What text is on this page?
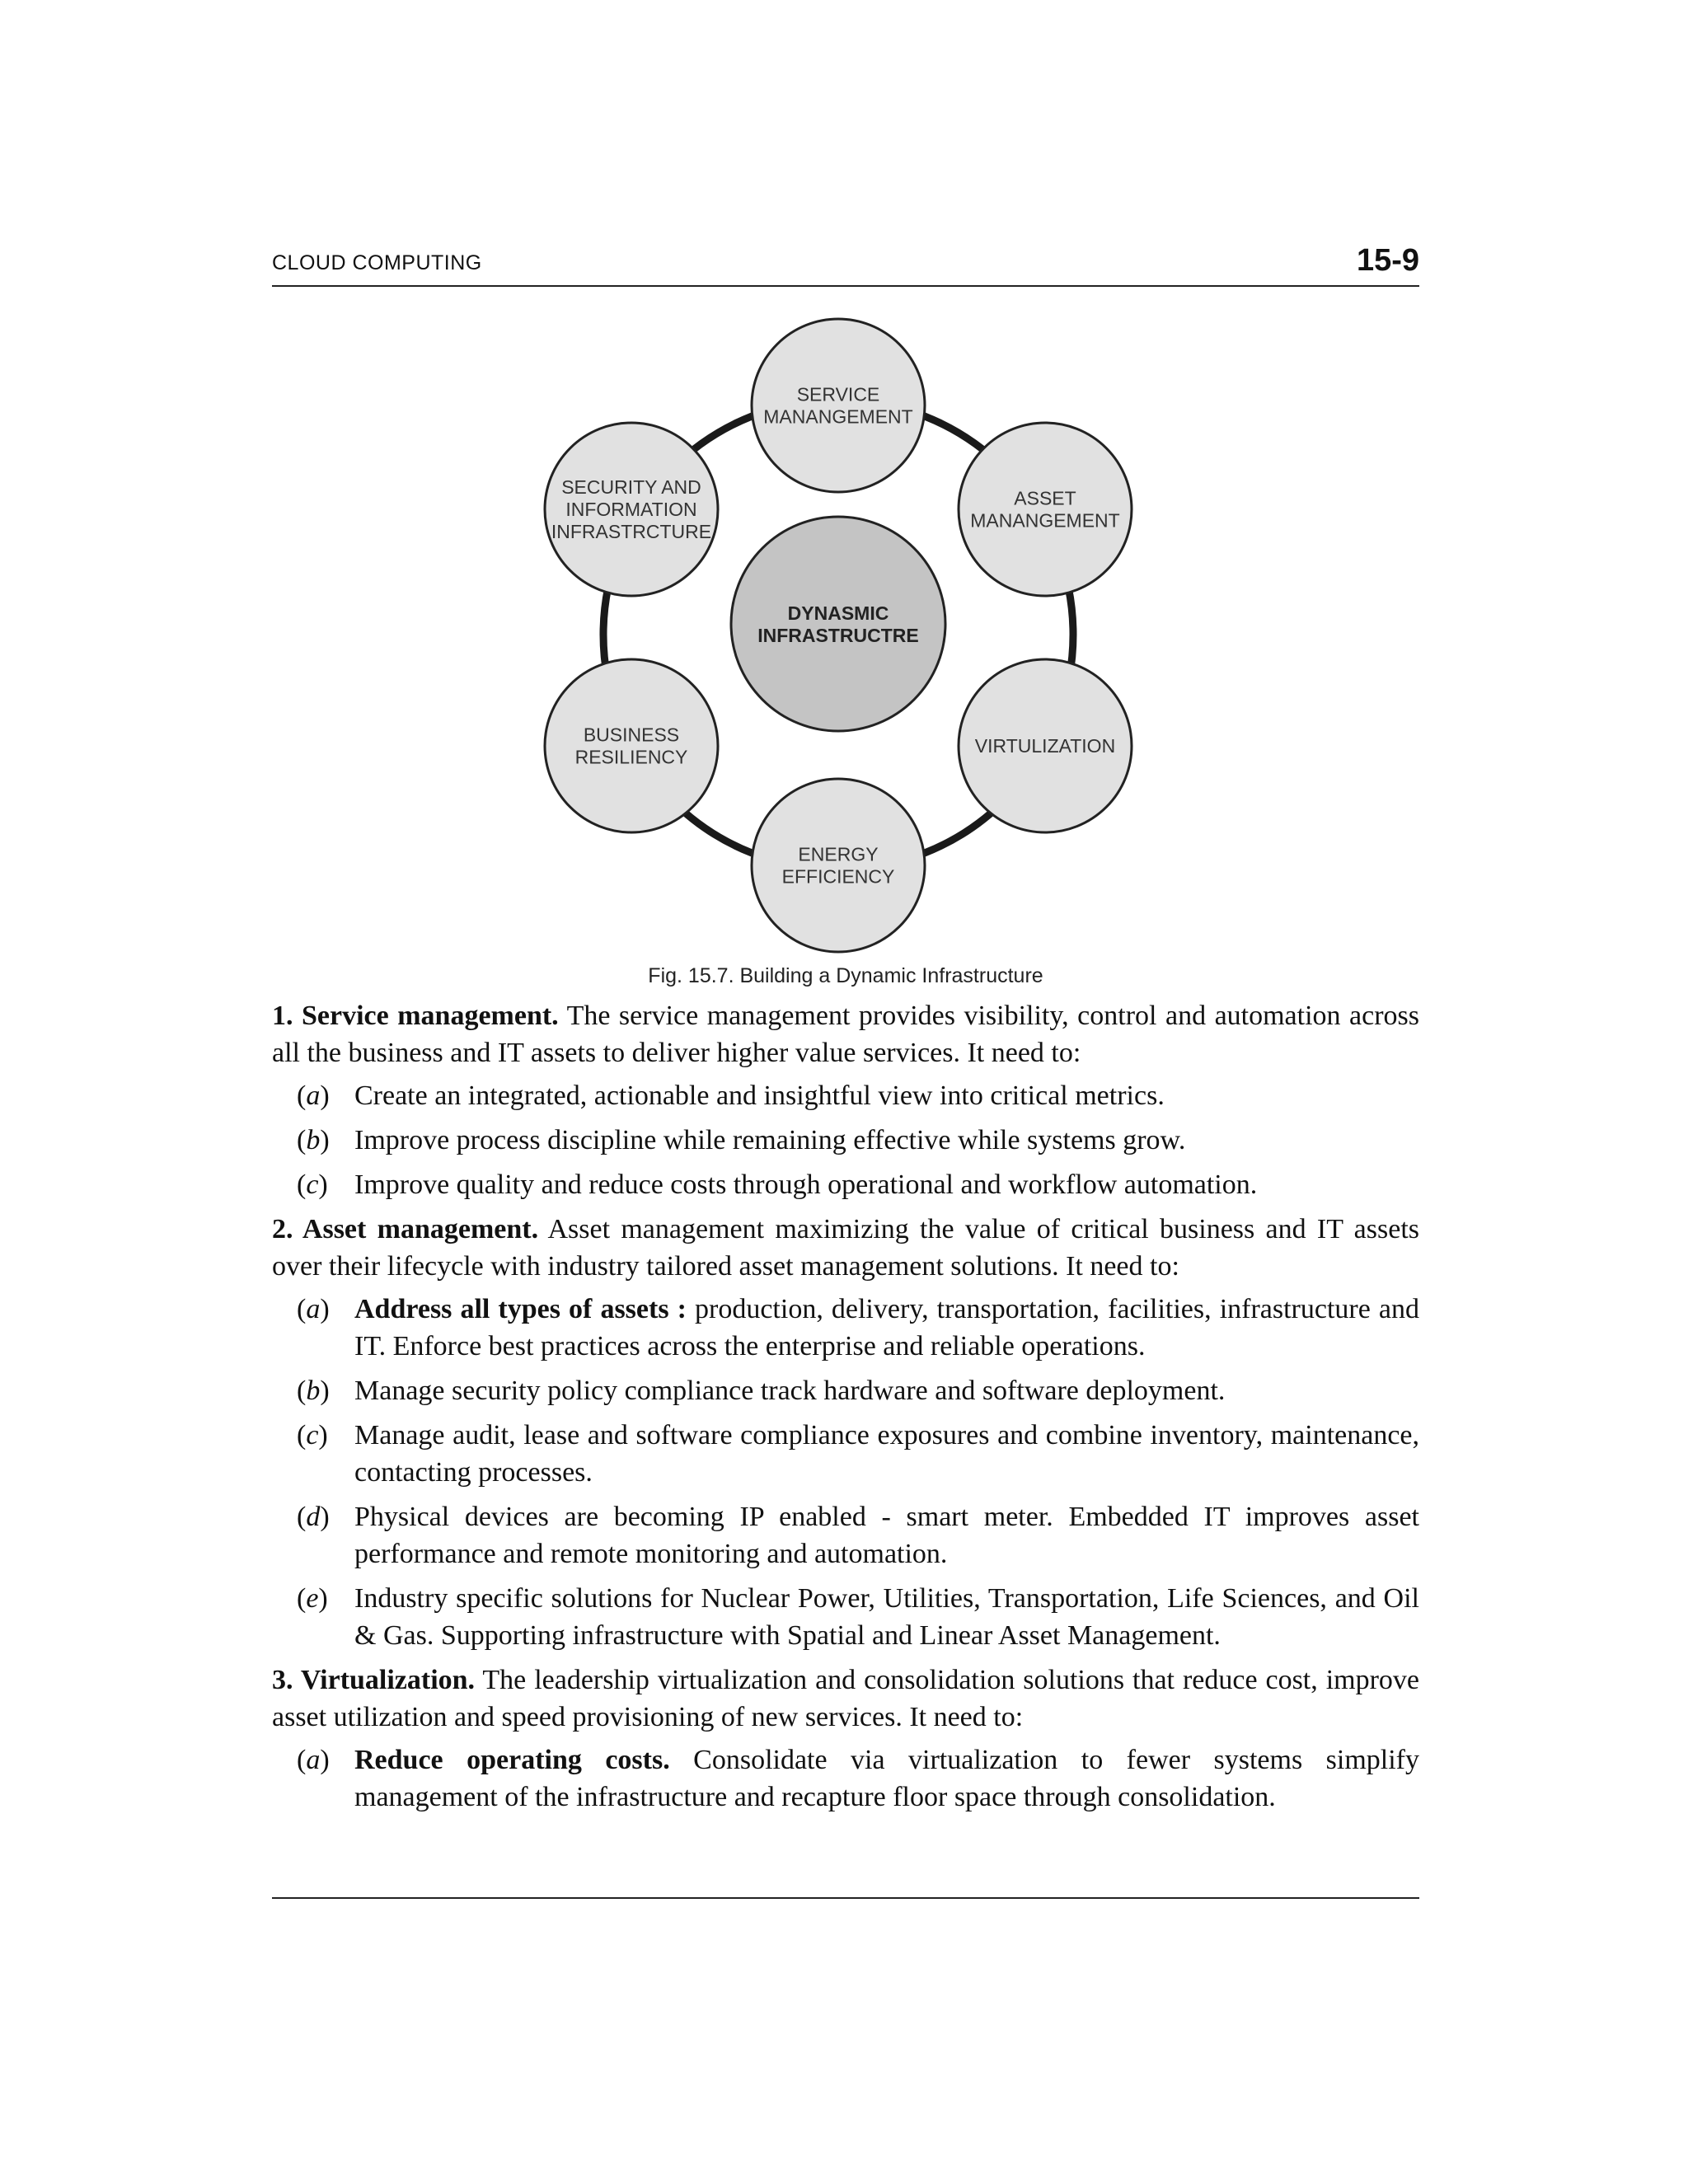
CLOUD COMPUTING	15-9
SERVICE
MANANGEMENT
ASSET
MANANGEMENT
VIRTULIZATION
ENERGY
EFFICIENCY
BUSINESS
RESILIENCY
SECURITY AND
INFORMATION
INFRASTRCTURE
DYNASMIC
INFRASTRUCTRE
Fig. 15.7. Building a Dynamic Infrastructure

1. Service management. The service management provides visibility, control and automation across all the business and IT assets to deliver higher value services. It need to:

(a) Create an integrated, actionable and insightful view into critical metrics.
(b) Improve process discipline while remaining effective while systems grow.
(c) Improve quality and reduce costs through operational and workflow automation.

2. Asset management. Asset management maximizing the value of critical business and IT assets over their lifecycle with industry tailored asset management solutions. It need to:

(a) Address all types of assets : production, delivery, transportation, facilities, infrastructure and IT. Enforce best practices across the enterprise and reliable operations.
(b) Manage security policy compliance track hardware and software deployment.
(c) Manage audit, lease and software compliance exposures and combine inventory, maintenance, contacting processes.
(d) Physical devices are becoming IP enabled - smart meter. Embedded IT improves asset performance and remote monitoring and automation.
(e) Industry specific solutions for Nuclear Power, Utilities, Transportation, Life Sciences, and Oil & Gas. Supporting infrastructure with Spatial and Linear Asset Management.

3. Virtualization. The leadership virtualization and consolidation solutions that reduce cost, improve asset utilization and speed provisioning of new services. It need to:

(a) Reduce operating costs. Consolidate via virtualization to fewer systems simplify management of the infrastructure and recapture floor space through consolidation.
